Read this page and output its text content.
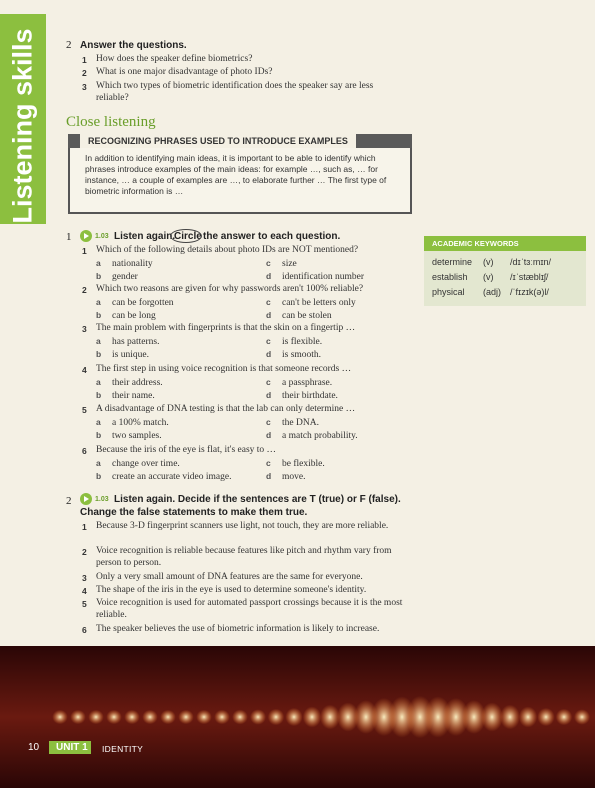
Listening skills	2 Answer the questions.
1 How does the speaker define biometrics?
2 What is one major disadvantage of photo IDs?
3 Which two types of biometric identification does the speaker say are less reliable?
Close listening
RECOGNIZING PHRASES USED TO INTRODUCE EXAMPLES
In addition to identifying main ideas, it is important to be able to identify which phrases introduce examples of the main ideas: for example …, such as, … for instance, … a couple of examples are …, to elaborate further … The first type of biometric information is …
1	1.03 Listen again.
Circle the answer to each question.
1 Which of the following details about photo IDs are NOT mentioned?
a nationality
b gender
c size
d identification number
2 Which two reasons are given for why passwords aren't 100% reliable?
a can be forgotten
b can be long
c can't be letters only
d can be stolen
3 The main problem with fingerprints is that the skin on a fingertip …
a has patterns.
b is unique.
c is flexible.
d is smooth.
4 The first step in using voice recognition is that someone records …
a their address.
b their name.
c a passphrase.
d their birthdate.
5 A disadvantage of DNA testing is that the lab can only determine …
a a 100% match.
b two samples.
c the DNA.
d a match probability.
6 Because the iris of the eye is flat, it's easy to …
a change over time.
b create an accurate video image.
c be flexible.
d move.
2	1.03 Listen again. Decide if the sentences are T (true) or F (false).
Change the false statements to make them true.
1 Because 3-D fingerprint scanners use light, not touch, they are more reliable.
2 Voice recognition is reliable because features like pitch and rhythm vary from person to person.
3 Only a very small amount of DNA features are the same for everyone.
4 The shape of the iris in the eye is used to determine someone's identity.
5 Voice recognition is used for automated passport crossings because it is the most reliable.
6 The speaker believes the use of biometric information is likely to increase.
ACADEMIC KEYWORDS
determine (v) /dɪˈtɜːmɪn/
establish (v) /ɪˈstæblɪʃ/
physical (adj) /ˈfɪzɪk(ə)l/
10 UNIT 1 IDENTITY
